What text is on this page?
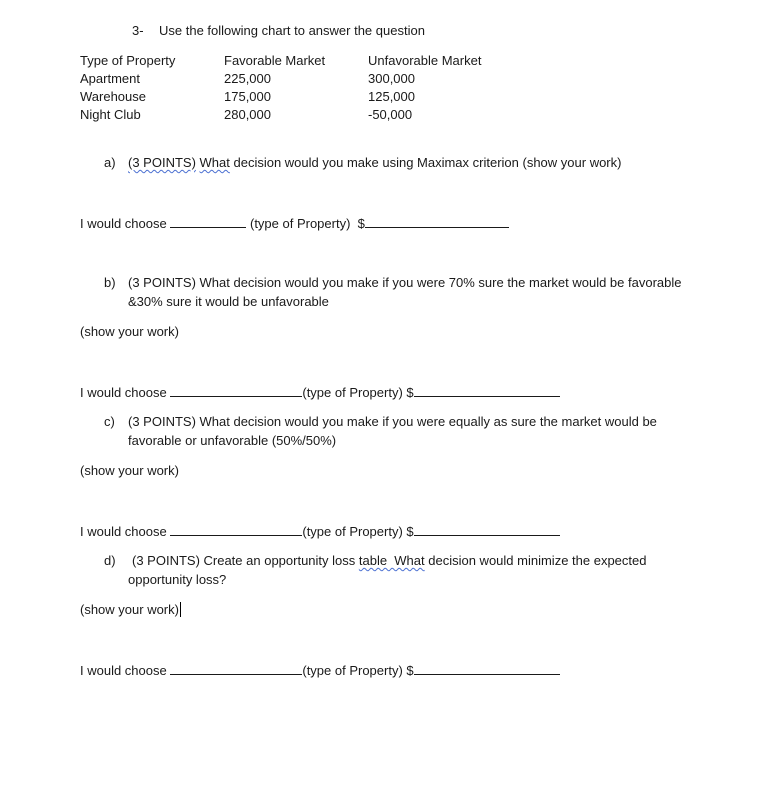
3- Use the following chart to answer the question
Type of Property	Favorable Market	Unfavorable Market
Apartment	225,000	300,000
Warehouse	175,000	125,000
Night Club	280,000	-50,000
a) (3 POINTS) What decision would you make using Maximax criterion (show your work)
I would choose	(type of Property) $
b) (3 POINTS) What decision would you make if you were 70% sure the market would be favorable
&30% sure it would be unfavorable
(show your work)
I would choose	(type of Property) $
c) (3 POINTS) What decision would you make if you were equally as sure the market would be
favorable or unfavorable (50%/50%)
(show your work)
I would choose	(type of Property) $
d) (3 POINTS) Create an opportunity loss table  What decision would minimize the expected
opportunity loss?
(show your work)
I would choose	(type of Property) $
